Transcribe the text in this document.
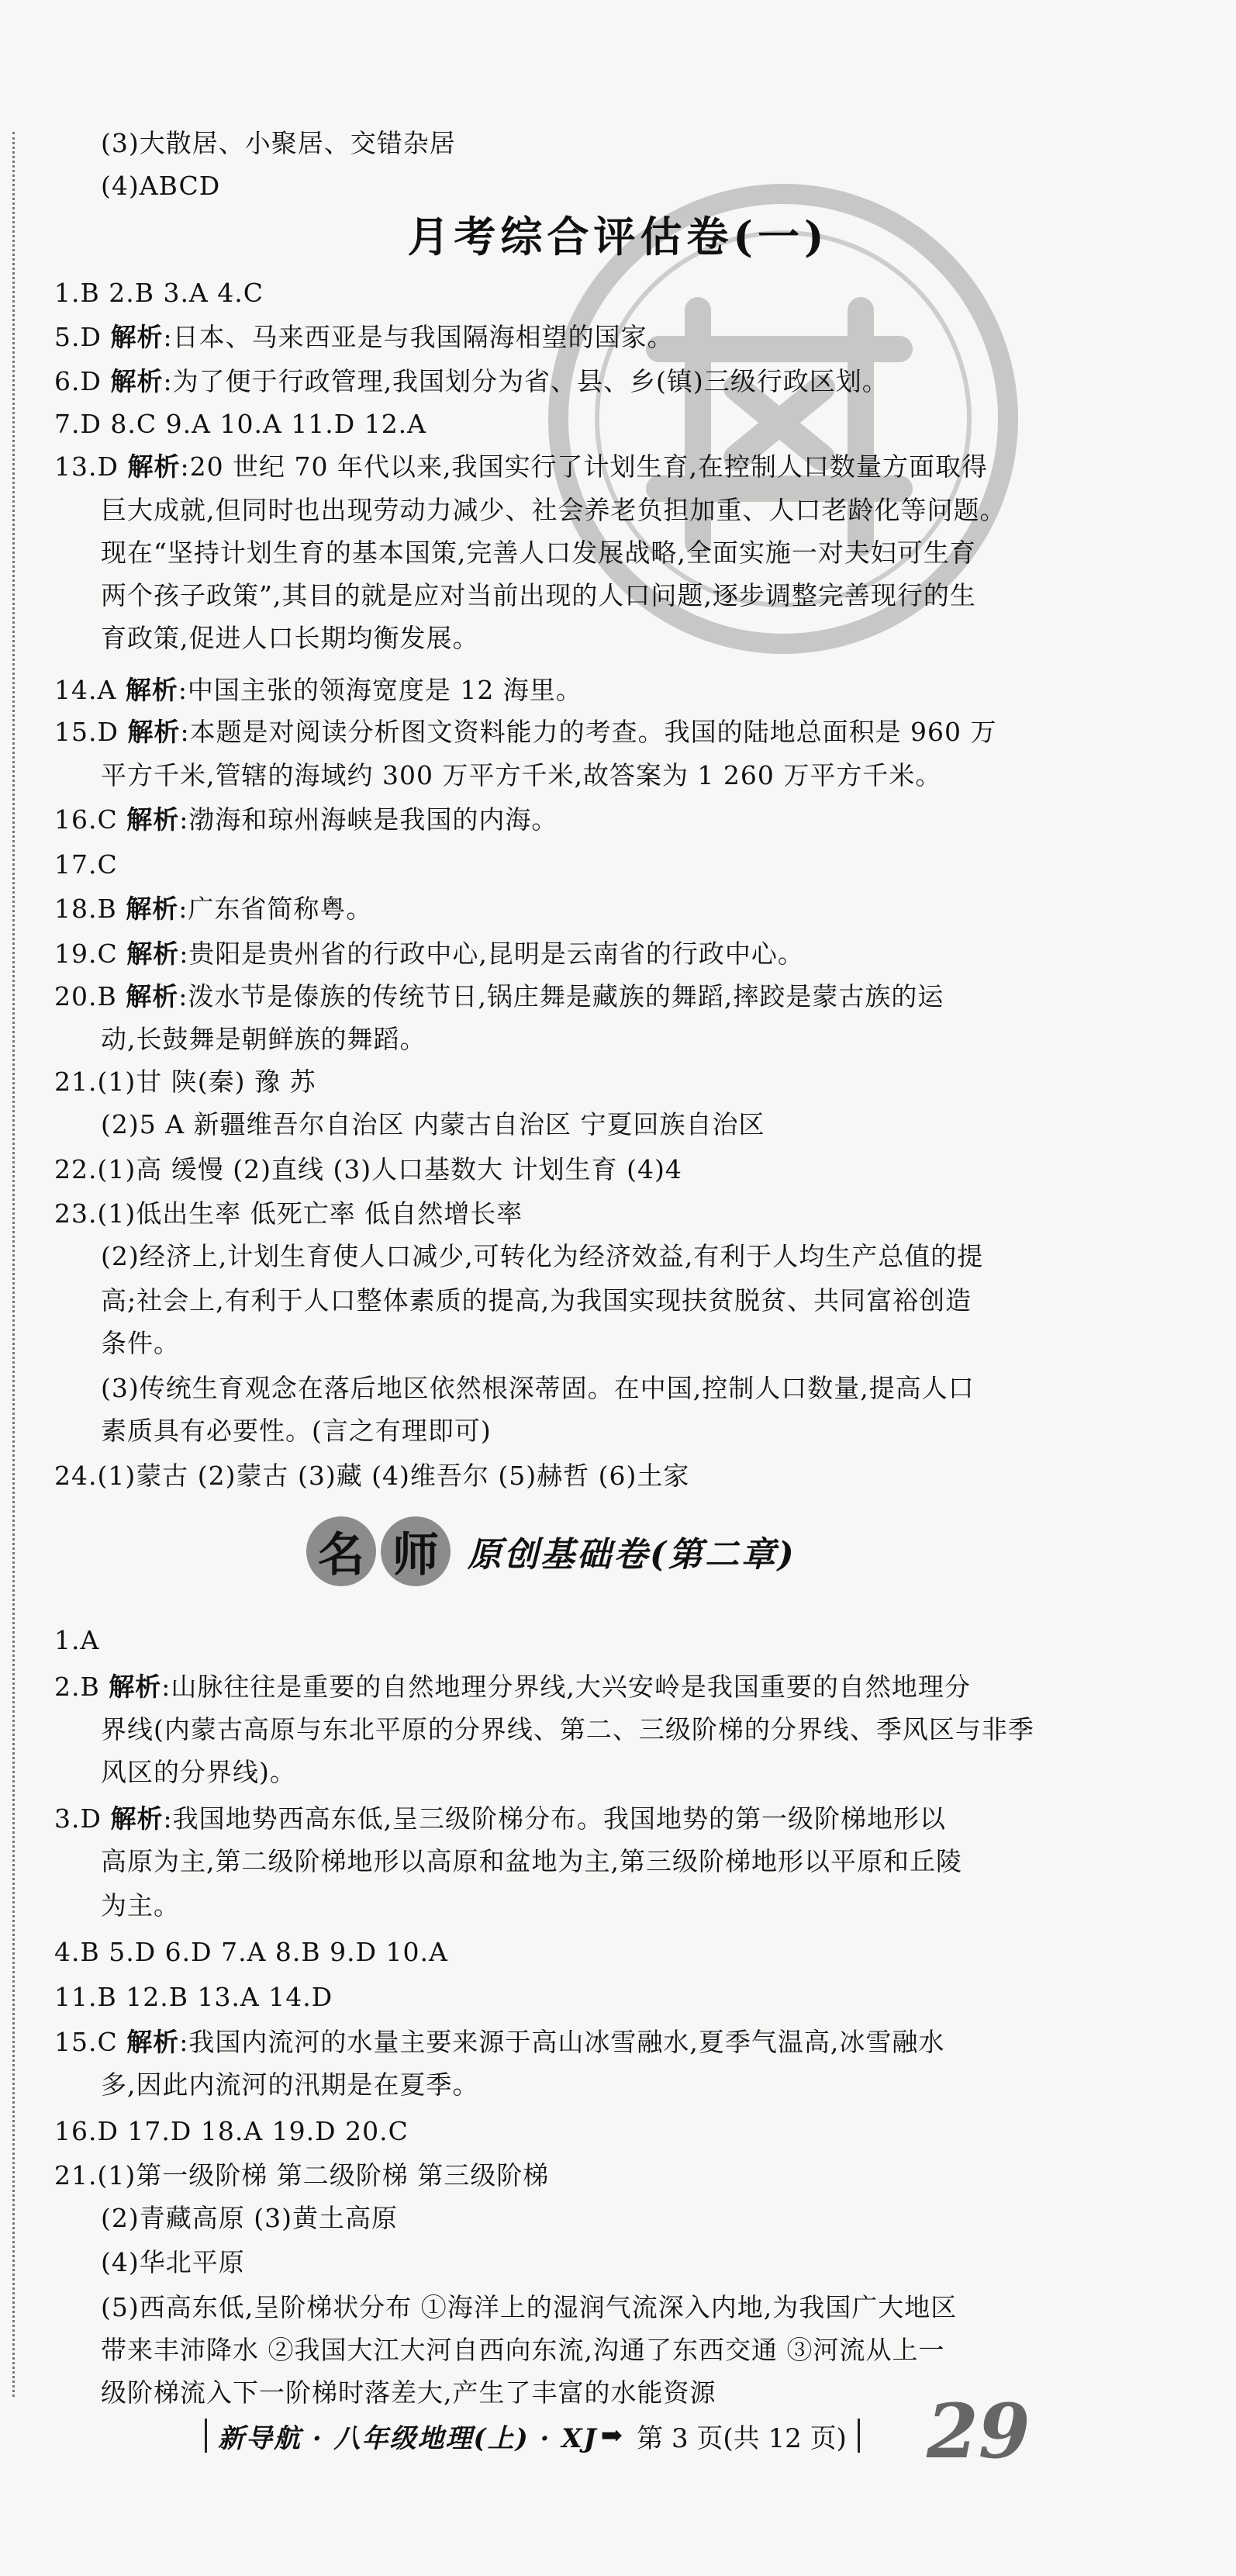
(3)大散居、小聚居、交错杂居
(4)ABCD
月考综合评估卷(一)
1.B 2.B 3.A 4.C
5.D 解析:日本、马来西亚是与我国隔海相望的国家。
6.D 解析:为了便于行政管理,我国划分为省、县、乡(镇)三级行政区划。
7.D 8.C 9.A 10.A 11.D 12.A
13.D 解析:20 世纪 70 年代以来,我国实行了计划生育,在控制人口数量方面取得
巨大成就,但同时也出现劳动力减少、社会养老负担加重、人口老龄化等问题。
现在“坚持计划生育的基本国策,完善人口发展战略,全面实施一对夫妇可生育
两个孩子政策”,其目的就是应对当前出现的人口问题,逐步调整完善现行的生
育政策,促进人口长期均衡发展。
14.A 解析:中国主张的领海宽度是 12 海里。
15.D 解析:本题是对阅读分析图文资料能力的考查。我国的陆地总面积是 960 万
平方千米,管辖的海域约 300 万平方千米,故答案为 1 260 万平方千米。
16.C 解析:渤海和琼州海峡是我国的内海。
17.C
18.B 解析:广东省简称粤。
19.C 解析:贵阳是贵州省的行政中心,昆明是云南省的行政中心。
20.B 解析:泼水节是傣族的传统节日,锅庄舞是藏族的舞蹈,摔跤是蒙古族的运
动,长鼓舞是朝鲜族的舞蹈。
21.(1)甘 陕(秦) 豫 苏
(2)5 A 新疆维吾尔自治区 内蒙古自治区 宁夏回族自治区
22.(1)高 缓慢 (2)直线 (3)人口基数大 计划生育 (4)4
23.(1)低出生率 低死亡率 低自然增长率
(2)经济上,计划生育使人口减少,可转化为经济效益,有利于人均生产总值的提
高;社会上,有利于人口整体素质的提高,为我国实现扶贫脱贫、共同富裕创造
条件。
(3)传统生育观念在落后地区依然根深蒂固。在中国,控制人口数量,提高人口
素质具有必要性。(言之有理即可)
24.(1)蒙古 (2)蒙古 (3)藏 (4)维吾尔 (5)赫哲 (6)土家
名 师 原创基础卷(第二章)
1.A
2.B 解析:山脉往往是重要的自然地理分界线,大兴安岭是我国重要的自然地理分
界线(内蒙古高原与东北平原的分界线、第二、三级阶梯的分界线、季风区与非季
风区的分界线)。
3.D 解析:我国地势西高东低,呈三级阶梯分布。我国地势的第一级阶梯地形以
高原为主,第二级阶梯地形以高原和盆地为主,第三级阶梯地形以平原和丘陵
为主。
4.B 5.D 6.D 7.A 8.B 9.D 10.A
11.B 12.B 13.A 14.D
15.C 解析:我国内流河的水量主要来源于高山冰雪融水,夏季气温高,冰雪融水
多,因此内流河的汛期是在夏季。
16.D 17.D 18.A 19.D 20.C
21.(1)第一级阶梯 第二级阶梯 第三级阶梯
(2)青藏高原 (3)黄土高原
(4)华北平原
(5)西高东低,呈阶梯状分布 ①海洋上的湿润气流深入内地,为我国广大地区
带来丰沛降水 ②我国大江大河自西向东流,沟通了东西交通 ③河流从上一
级阶梯流入下一阶梯时落差大,产生了丰富的水能资源
新导航 · 八年级地理(上) · XJ ➡ 第 3 页(共 12 页) 29
